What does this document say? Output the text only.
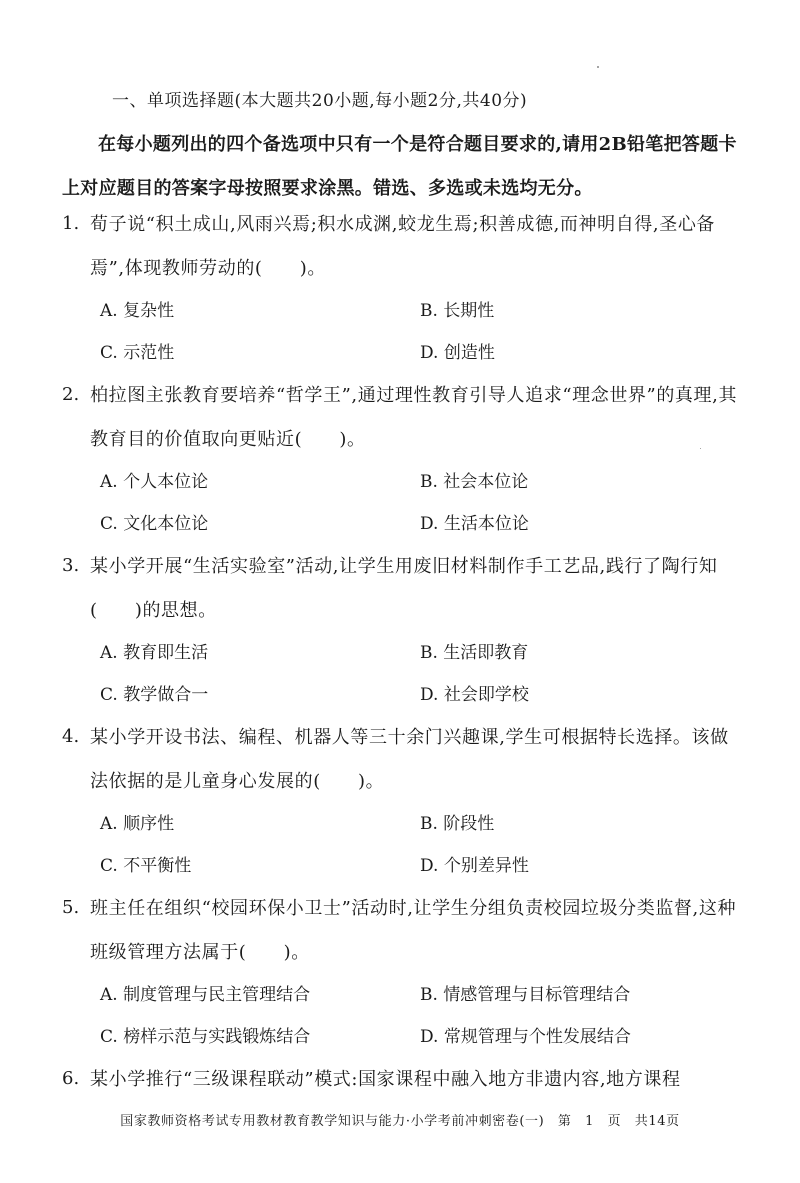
一、单项选择题(本大题共20小题,每小题2分,共40分)
在每小题列出的四个备选项中只有一个是符合题目要求的,请用2B铅笔把答题卡上对应题目的答案字母按照要求涂黑。错选、多选或未选均无分。
1. 荀子说“积土成山,风雨兴焉;积水成渊,蛟龙生焉;积善成德,而神明自得,圣心备焉”,体现教师劳动的(　　)。
A. 复杂性	B. 长期性
C. 示范性	D. 创造性
2. 柏拉图主张教育要培养“哲学王”,通过理性教育引导人追求“理念世界”的真理,其教育目的价值取向更贴近(　　)。
A. 个人本位论	B. 社会本位论
C. 文化本位论	D. 生活本位论
3. 某小学开展“生活实验室”活动,让学生用废旧材料制作手工艺品,践行了陶行知(　　)的思想。
A. 教育即生活	B. 生活即教育
C. 教学做合一	D. 社会即学校
4. 某小学开设书法、编程、机器人等三十余门兴趣课,学生可根据特长选择。该做法依据的是儿童身心发展的(　　)。
A. 顺序性	B. 阶段性
C. 不平衡性	D. 个别差异性
5. 班主任在组织“校园环保小卫士”活动时,让学生分组负责校园垃圾分类监督,这种班级管理方法属于(　　)。
A. 制度管理与民主管理结合	B. 情感管理与目标管理结合
C. 榜样示范与实践锻炼结合	D. 常规管理与个性发展结合
6. 某小学推行“三级课程联动”模式:国家课程中融入地方非遗内容,地方课程
国家教师资格考试专用教材教育教学知识与能力·小学考前冲刺密卷(一)　第　1　页　共14页
